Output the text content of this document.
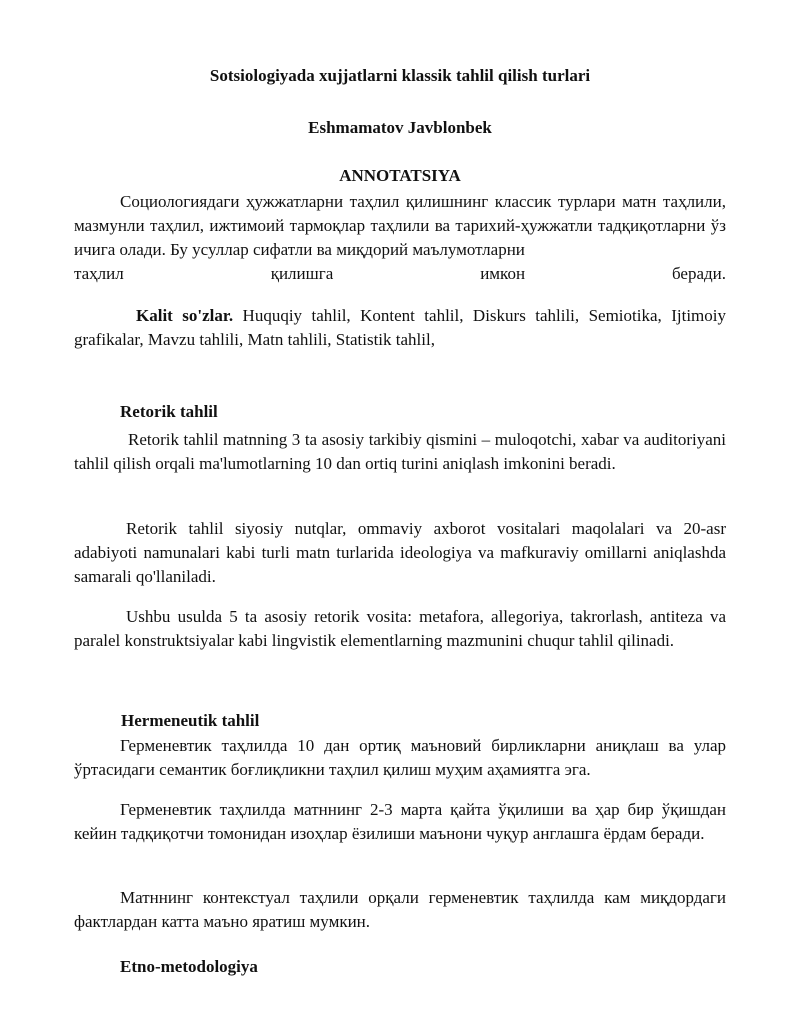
Sotsiologiyada xujjatlarni klassik tahlil qilish turlari
Eshmamatov Javblonbek
ANNOTATSIYA
Социологиядаги ҳужжатларни таҳлил қилишнинг классик турлари матн таҳлили, мазмунли таҳлил, ижтимоий тармоқлар таҳлили ва тарихий-ҳужжатли тадқиқотларни ўз ичига олади. Бу усуллар сифатли ва миқдорий маълумотларни
таҳлил қилишга имкон беради.
Kalit so'zlar. Huquqiy tahlil, Kontent tahlil, Diskurs tahlili, Semiotika, Ijtimoiy grafikalar, Mavzu tahlili, Matn tahlili, Statistik tahlil,
Retorik tahlil
Retorik tahlil matnning 3 ta asosiy tarkibiy qismini – muloqotchi, xabar va auditoriyani tahlil qilish orqali ma'lumotlarning 10 dan ortiq turini aniqlash imkonini beradi.
Retorik tahlil siyosiy nutqlar, ommaviy axborot vositalari maqolalari va 20-asr adabiyoti namunalari kabi turli matn turlarida ideologiya va mafkuraviy omillarni aniqlashda samarali qo'llaniladi.
Ushbu usulda 5 ta asosiy retorik vosita: metafora, allegoriya, takrorlash, antiteza va paralel konstruktsiyalar kabi lingvistik elementlarning mazmunini chuqur tahlil qilinadi.
Hermeneutik tahlil
Герменевтик таҳлилда 10 дан ортиқ маъновий бирликларни аниқлаш ва улар ўртасидаги семантик боғлиқликни таҳлил қилиш муҳим аҳамиятга эга.
Герменевтик таҳлилда матннинг 2-3 марта қайта ўқилиши ва ҳар бир ўқишдан кейин тадқиқотчи томонидан изоҳлар ёзилиши маънони чуқур англашга ёрдам беради.
Матннинг контекстуал таҳлили орқали герменевтик таҳлилда кам миқдордаги фактлардан катта маъно яратиш мумкин.
Etno-metodologiya
